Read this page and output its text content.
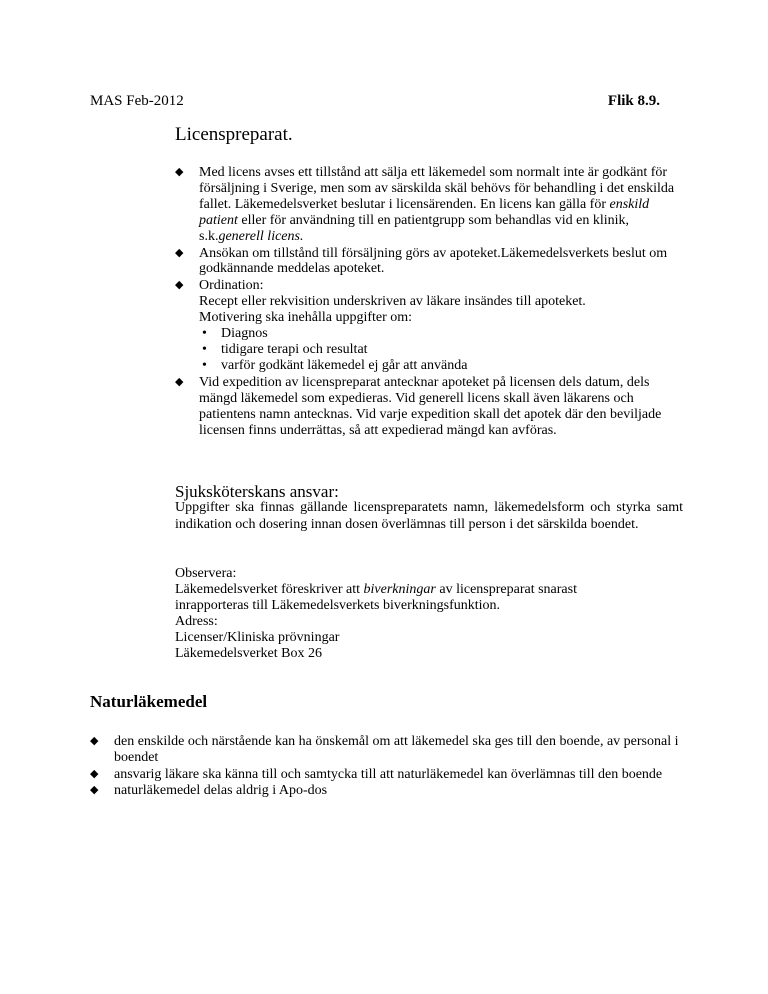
MAS Feb-2012	Flik 8.9.
Licenspreparat.
◆ Med licens avses ett tillstånd att sälja ett läkemedel som normalt inte är godkänt för försäljning i Sverige, men som av särskilda skäl behövs för behandling i det enskilda fallet. Läkemedelsverket beslutar i licensärenden. En licens kan gälla för enskild patient eller för användning till en patientgrupp som behandlas vid en klinik, s.k.generell licens.
◆ Ansökan om tillstånd till försäljning görs av apoteket.Läkemedelsverkets beslut om godkännande meddelas apoteket.
◆ Ordination:
Recept eller rekvisition underskriven av läkare insändes till apoteket.
Motivering ska inehålla uppgifter om:
• Diagnos
• tidigare terapi och resultat
• varför godkänt läkemedel ej går att använda
◆ Vid expedition av licenspreparat antecknar apoteket på licensen dels datum, dels mängd läkemedel som expedieras. Vid generell licens skall även läkarens och patientens namn antecknas. Vid varje expedition skall det apotek där den beviljade licensen finns underrättas, så att expedierad mängd kan avföras.
Sjuksköterskans ansvar:
Uppgifter ska finnas gällande licenspreparatets namn, läkemedelsform och styrka samt indikation och dosering innan dosen överlämnas till person i det särskilda boendet.
Observera:
Läkemedelsverket föreskriver att biverkningar av licenspreparat snarast
inrapporteras till Läkemedelsverkets biverkningsfunktion.
Adress:
Licenser/Kliniska prövningar
Läkemedelsverket Box 26
Naturläkemedel
◆ den enskilde och närstående kan ha önskemål om att läkemedel ska ges till den boende, av personal i boendet
◆ ansvarig läkare ska känna till och samtycka till att naturläkemedel kan överlämnas till den boende
◆ naturläkemedel delas aldrig i Apo-dos
